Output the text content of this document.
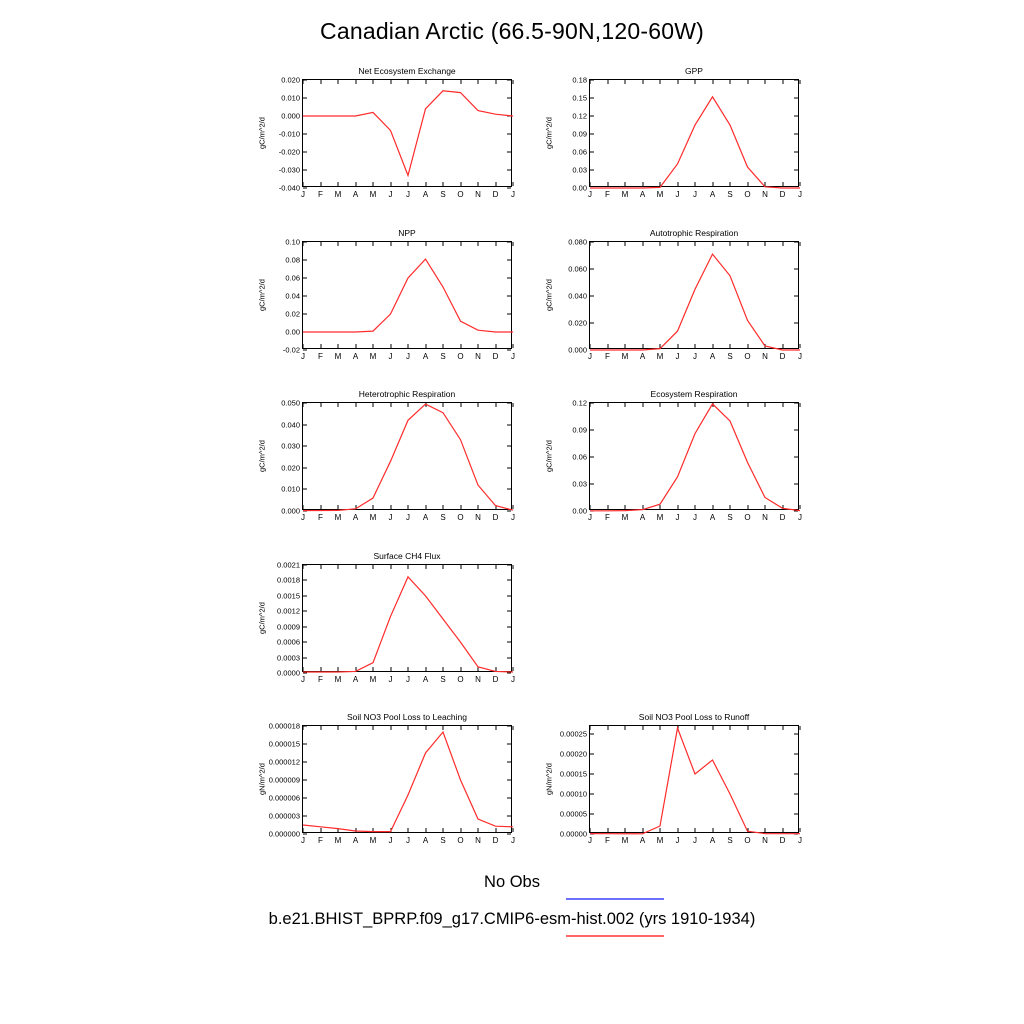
Canadian Arctic (66.5-90N,120-60W)
Net Ecosystem Exchange
gC/m^2/d
-0.040
-0.030
-0.020
-0.010
0.000
0.010
0.020
J F M A M J J A S O N D J
GPP
gC/m^2/d
0.00
0.03
0.06
0.09
0.12
0.15
0.18
J F M A M J J A S O N D J
NPP
gC/m^2/d
-0.02
0.00
0.02
0.04
0.06
0.08
0.10
J F M A M J J A S O N D J
Autotrophic Respiration
gC/m^2/d
0.000
0.020
0.040
0.060
0.080
J F M A M J J A S O N D J
Heterotrophic Respiration
gC/m^2/d
0.000
0.010
0.020
0.030
0.040
0.050
J F M A M J J A S O N D J
Ecosystem Respiration
gC/m^2/d
0.00
0.03
0.06
0.09
0.12
J F M A M J J A S O N D J
Surface CH4 Flux
gC/m^2/d
0.0000
0.0003
0.0006
0.0009
0.0012
0.0015
0.0018
0.0021
J F M A M J J A S O N D J
Soil NO3 Pool Loss to Leaching
gN/m^2/d
0.000000
0.000003
0.000006
0.000009
0.000012
0.000015
0.000018
J F M A M J J A S O N D J
Soil NO3 Pool Loss to Runoff
gN/m^2/d
0.00000
0.00005
0.00010
0.00015
0.00020
0.00025
J F M A M J J A S O N D J
No Obs
b.e21.BHIST_BPRP.f09_g17.CMIP6-esm-hist.002 (yrs 1910-1934)
